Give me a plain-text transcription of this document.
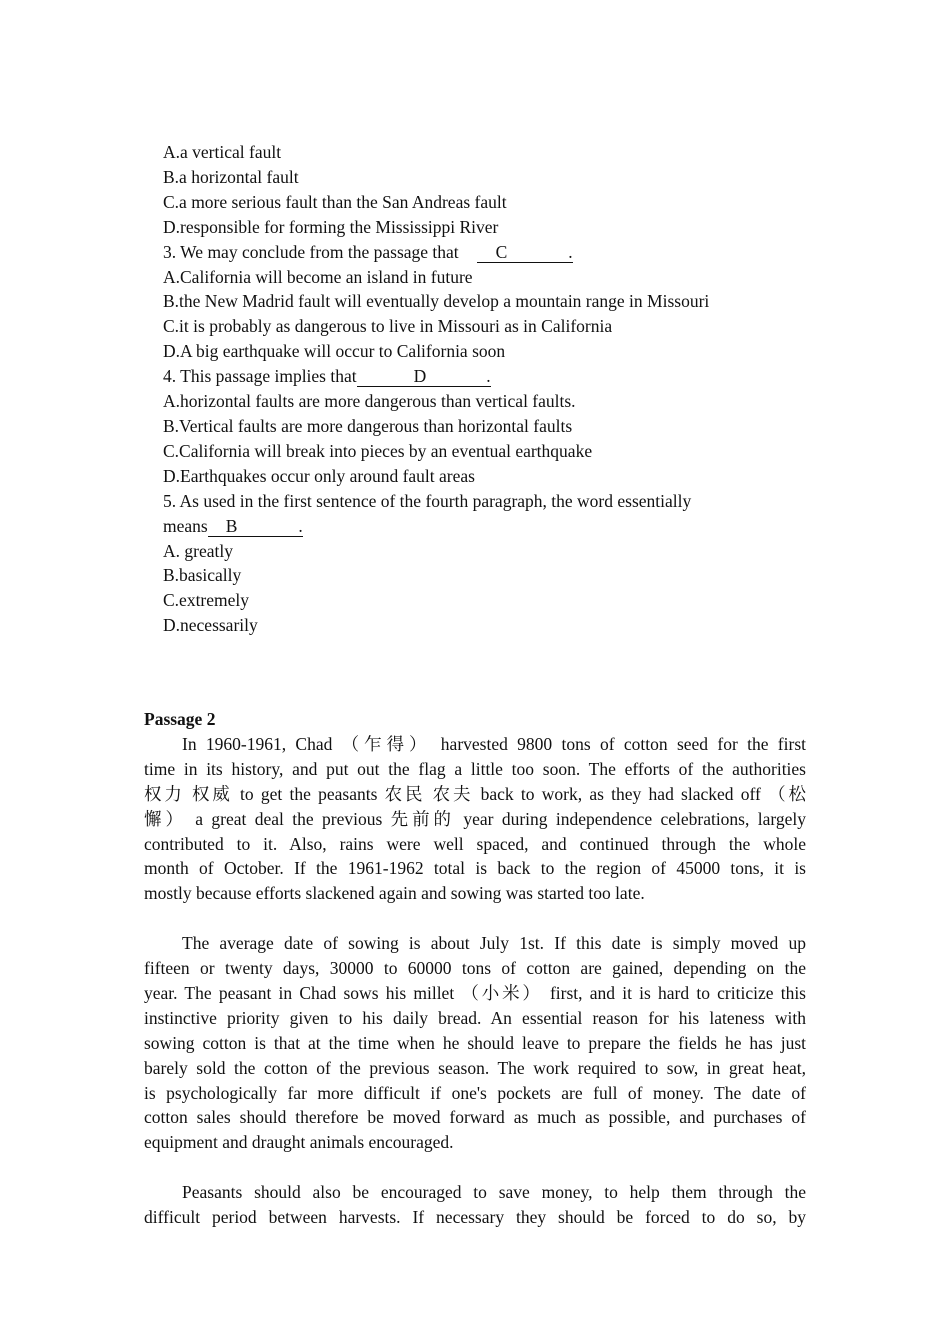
A.a vertical fault
B.a horizontal fault
C.a more serious fault than the San Andreas fault
D.responsible for forming the Mississippi River
3. We may conclude from the passage that C	.
A.California will become an island in future
B.the New Madrid fault will eventually develop a mountain range in Missouri
C.it is probably as dangerous to live in Missouri as in California
D.A big earthquake will occur to California soon
4. This passage implies that	D	.
A.horizontal faults are more dangerous than vertical faults.
B.Vertical faults are more dangerous than horizontal faults
C.California will break into pieces by an eventual earthquake
D.Earthquakes occur only around fault areas
5. As used in the first sentence of the fourth paragraph, the word essentially
means B	.
A. greatly
B.basically
C.extremely
D.necessarily
Passage 2
In 1960-1961, Chad （乍得） harvested 9800 tons of cotton seed for the first
time in its history, and put out the flag a little too soon. The efforts of the authorities
权力 权威 to get the peasants 农民 农夫 back to work, as they had slacked off （松
懈） a great deal the previous 先前的 year during independence celebrations, largely
contributed to it. Also, rains were well spaced, and continued through the whole
month of October. If the 1961-1962 total is back to the region of 45000 tons, it is
mostly because efforts slackened again and sowing was started too late.
The average date of sowing is about July 1st. If this date is simply moved up
fifteen or twenty days, 30000 to 60000 tons of cotton are gained, depending on the
year. The peasant in Chad sows his millet （小米） first, and it is hard to criticize this
instinctive priority given to his daily bread. An essential reason for his lateness with
sowing cotton is that at the time when he should leave to prepare the fields he has just
barely sold the cotton of the previous season. The work required to sow, in great heat,
is psychologically far more difficult if one's pockets are full of money. The date of
cotton sales should therefore be moved forward as much as possible, and purchases of
equipment and draught animals encouraged.
Peasants should also be encouraged to save money, to help them through the
difficult period between harvests. If necessary they should be forced to do so, by
